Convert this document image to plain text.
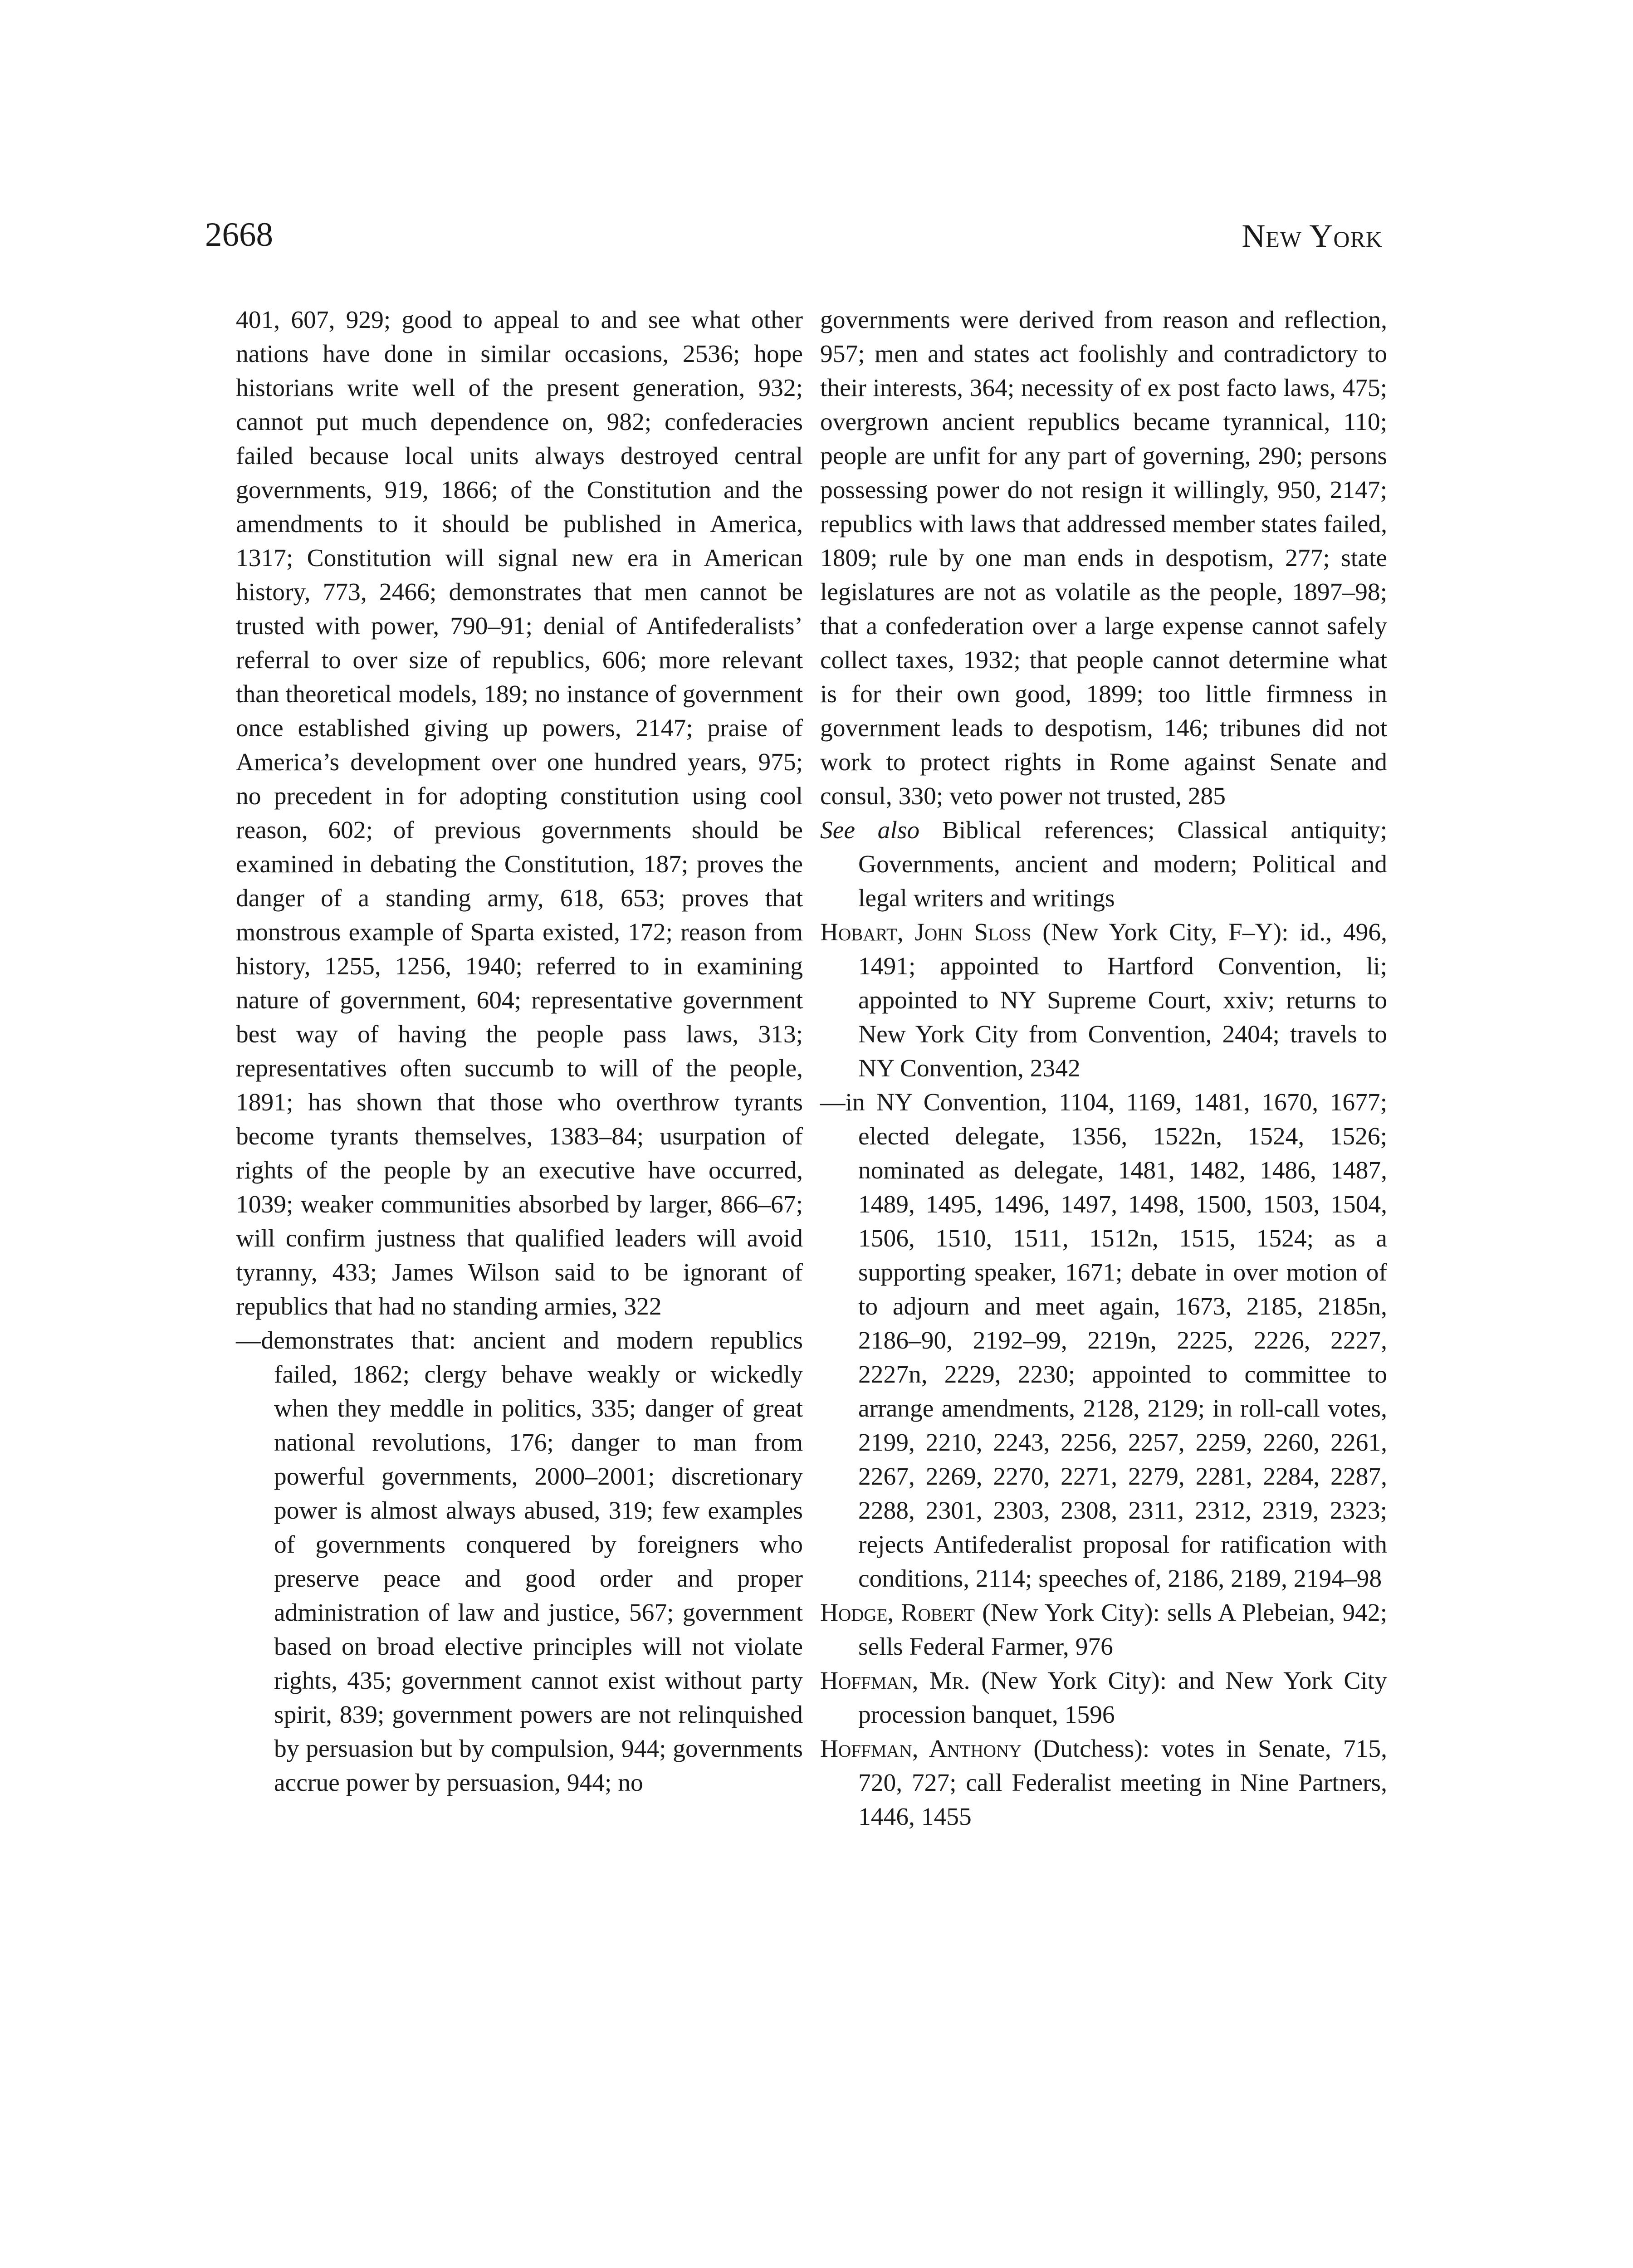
2668	New York

401, 607, 929; good to appeal to and see what other nations have done in similar occasions, 2536; hope historians write well of the present generation, 932; cannot put much dependence on, 982; confederacies failed because local units always destroyed central governments, 919, 1866; of the Constitution and the amendments to it should be published in America, 1317; Constitution will signal new era in American history, 773, 2466; demonstrates that men cannot be trusted with power, 790–91; denial of Antifederalists’ referral to over size of republics, 606; more relevant than theoretical models, 189; no instance of government once established giving up powers, 2147; praise of America’s development over one hundred years, 975; no precedent in for adopting constitution using cool reason, 602; of previous governments should be examined in debating the Constitution, 187; proves the danger of a standing army, 618, 653; proves that monstrous example of Sparta existed, 172; reason from history, 1255, 1256, 1940; referred to in examining nature of government, 604; representative government best way of having the people pass laws, 313; representatives often succumb to will of the people, 1891; has shown that those who overthrow tyrants become tyrants themselves, 1383–84; usurpation of rights of the people by an executive have occurred, 1039; weaker communities absorbed by larger, 866–67; will confirm justness that qualified leaders will avoid tyranny, 433; James Wilson said to be ignorant of republics that had no standing armies, 322

—demonstrates that: ancient and modern republics failed, 1862; clergy behave weakly or wickedly when they meddle in politics, 335; danger of great national revolutions, 176; danger to man from powerful governments, 2000–2001; discretionary power is almost always abused, 319; few examples of governments conquered by foreigners who preserve peace and good order and proper administration of law and justice, 567; government based on broad elective principles will not violate rights, 435; government cannot exist without party spirit, 839; government powers are not relinquished by persuasion but by compulsion, 944; governments accrue power by persuasion, 944; no

governments were derived from reason and reflection, 957; men and states act foolishly and contradictory to their interests, 364; necessity of ex post facto laws, 475; overgrown ancient republics became tyrannical, 110; people are unfit for any part of governing, 290; persons possessing power do not resign it willingly, 950, 2147; republics with laws that addressed member states failed, 1809; rule by one man ends in despotism, 277; state legislatures are not as volatile as the people, 1897–98; that a confederation over a large expense cannot safely collect taxes, 1932; that people cannot determine what is for their own good, 1899; too little firmness in government leads to despotism, 146; tribunes did not work to protect rights in Rome against Senate and consul, 330; veto power not trusted, 285

See also Biblical references; Classical antiquity; Governments, ancient and modern; Political and legal writers and writings

Hobart, John Sloss (New York City, F–Y): id., 496, 1491; appointed to Hartford Convention, li; appointed to NY Supreme Court, xxiv; returns to New York City from Convention, 2404; travels to NY Convention, 2342

—in NY Convention, 1104, 1169, 1481, 1670, 1677; elected delegate, 1356, 1522n, 1524, 1526; nominated as delegate, 1481, 1482, 1486, 1487, 1489, 1495, 1496, 1497, 1498, 1500, 1503, 1504, 1506, 1510, 1511, 1512n, 1515, 1524; as a supporting speaker, 1671; debate in over motion of to adjourn and meet again, 1673, 2185, 2185n, 2186–90, 2192–99, 2219n, 2225, 2226, 2227, 2227n, 2229, 2230; appointed to committee to arrange amendments, 2128, 2129; in roll-call votes, 2199, 2210, 2243, 2256, 2257, 2259, 2260, 2261, 2267, 2269, 2270, 2271, 2279, 2281, 2284, 2287, 2288, 2301, 2303, 2308, 2311, 2312, 2319, 2323; rejects Antifederalist proposal for ratification with conditions, 2114; speeches of, 2186, 2189, 2194–98

Hodge, Robert (New York City): sells A Plebeian, 942; sells Federal Farmer, 976

Hoffman, Mr. (New York City): and New York City procession banquet, 1596

Hoffman, Anthony (Dutchess): votes in Senate, 715, 720, 727; call Federalist meeting in Nine Partners, 1446, 1455
